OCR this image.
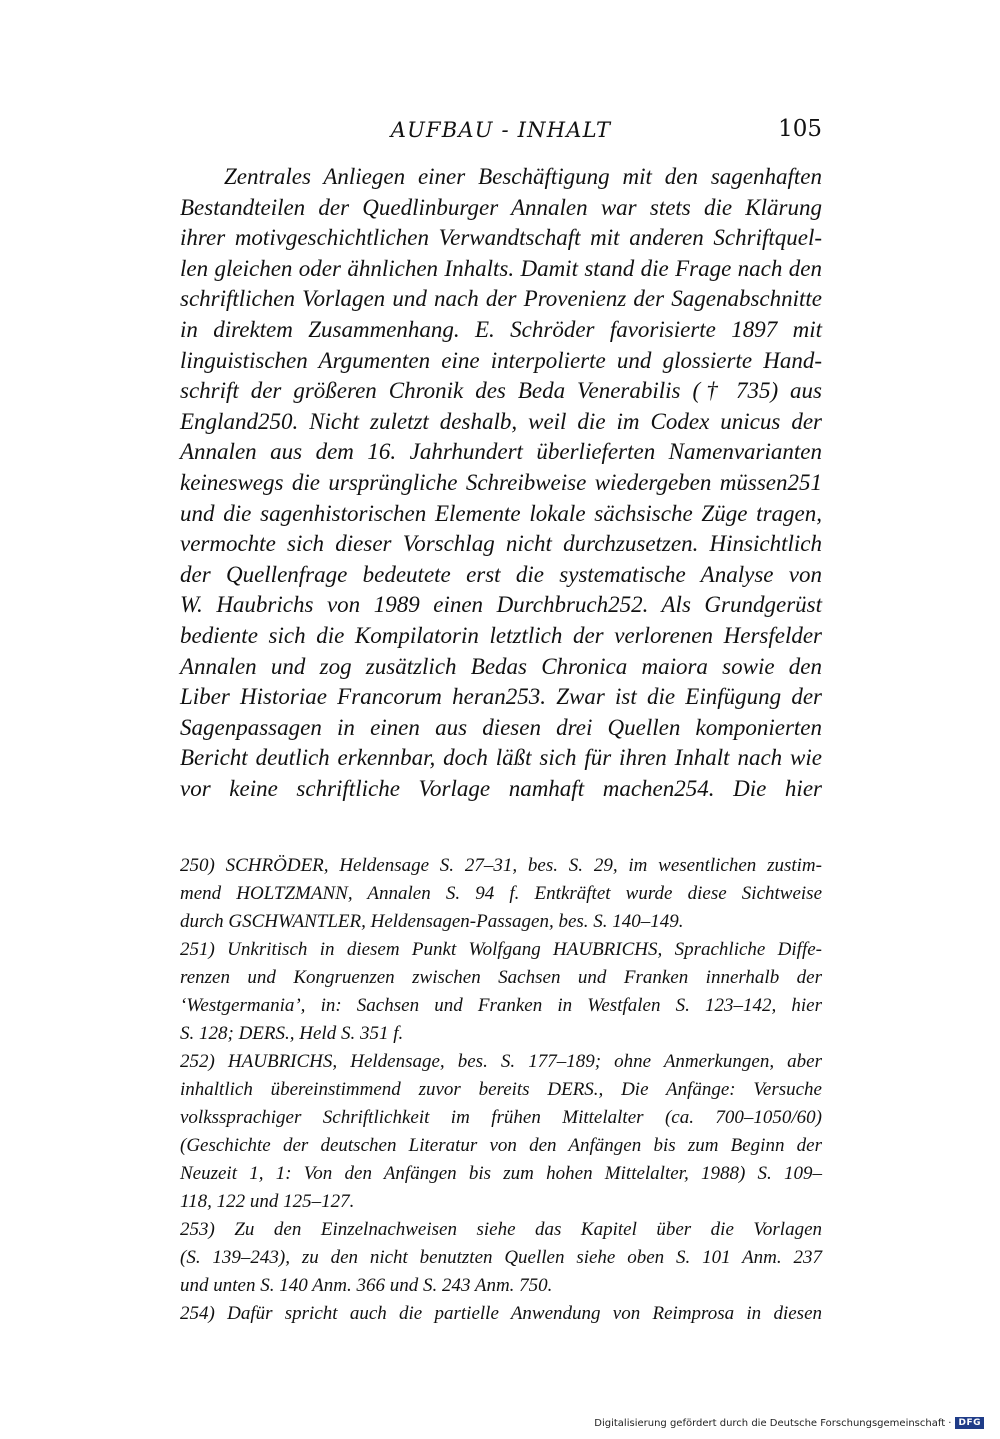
AUFBAU - INHALT	105
Zentrales Anliegen einer Beschäftigung mit den sagenhaften
Bestandteilen der Quedlinburger Annalen war stets die Klärung
ihrer motivgeschichtlichen Verwandtschaft mit anderen Schriftquel-
len gleichen oder ähnlichen Inhalts. Damit stand die Frage nach den
schriftlichen Vorlagen und nach der Provenienz der Sagenabschnitte
in direktem Zusammenhang. E. Schröder favorisierte 1897 mit
linguistischen Argumenten eine interpolierte und glossierte Hand-
schrift der größeren Chronik des Beda Venerabilis († 735) aus
England250. Nicht zuletzt deshalb, weil die im Codex unicus der
Annalen aus dem 16. Jahrhundert überlieferten Namenvarianten
keineswegs die ursprüngliche Schreibweise wiedergeben müssen251
und die sagenhistorischen Elemente lokale sächsische Züge tragen,
vermochte sich dieser Vorschlag nicht durchzusetzen. Hinsichtlich
der Quellenfrage bedeutete erst die systematische Analyse von
W. Haubrichs von 1989 einen Durchbruch252. Als Grundgerüst
bediente sich die Kompilatorin letztlich der verlorenen Hersfelder
Annalen und zog zusätzlich Bedas Chronica maiora sowie den
Liber Historiae Francorum heran253. Zwar ist die Einfügung der
Sagenpassagen in einen aus diesen drei Quellen komponierten
Bericht deutlich erkennbar, doch läßt sich für ihren Inhalt nach wie
vor keine schriftliche Vorlage namhaft machen254. Die hier
250) SCHRÖDER, Heldensage S. 27–31, bes. S. 29, im wesentlichen zustim-
mend HOLTZMANN, Annalen S. 94 f. Entkräftet wurde diese Sichtweise
durch GSCHWANTLER, Heldensagen-Passagen, bes. S. 140–149.
251) Unkritisch in diesem Punkt Wolfgang HAUBRICHS, Sprachliche Diffe-
renzen und Kongruenzen zwischen Sachsen und Franken innerhalb der
‘Westgermania’, in: Sachsen und Franken in Westfalen S. 123–142, hier
S. 128; DERS., Held S. 351 f.
252) HAUBRICHS, Heldensage, bes. S. 177–189; ohne Anmerkungen, aber
inhaltlich übereinstimmend zuvor bereits DERS., Die Anfänge: Versuche
volkssprachiger Schriftlichkeit im frühen Mittelalter (ca. 700–1050/60)
(Geschichte der deutschen Literatur von den Anfängen bis zum Beginn der
Neuzeit 1, 1: Von den Anfängen bis zum hohen Mittelalter, 1988) S. 109–
118, 122 und 125–127.
253) Zu den Einzelnachweisen siehe das Kapitel über die Vorlagen
(S. 139–243), zu den nicht benutzten Quellen siehe oben S. 101 Anm. 237
und unten S. 140 Anm. 366 und S. 243 Anm. 750.
254) Dafür spricht auch die partielle Anwendung von Reimprosa in diesen
Digitalisierung gefördert durch die Deutsche Forschungsgemeinschaft · DFG
